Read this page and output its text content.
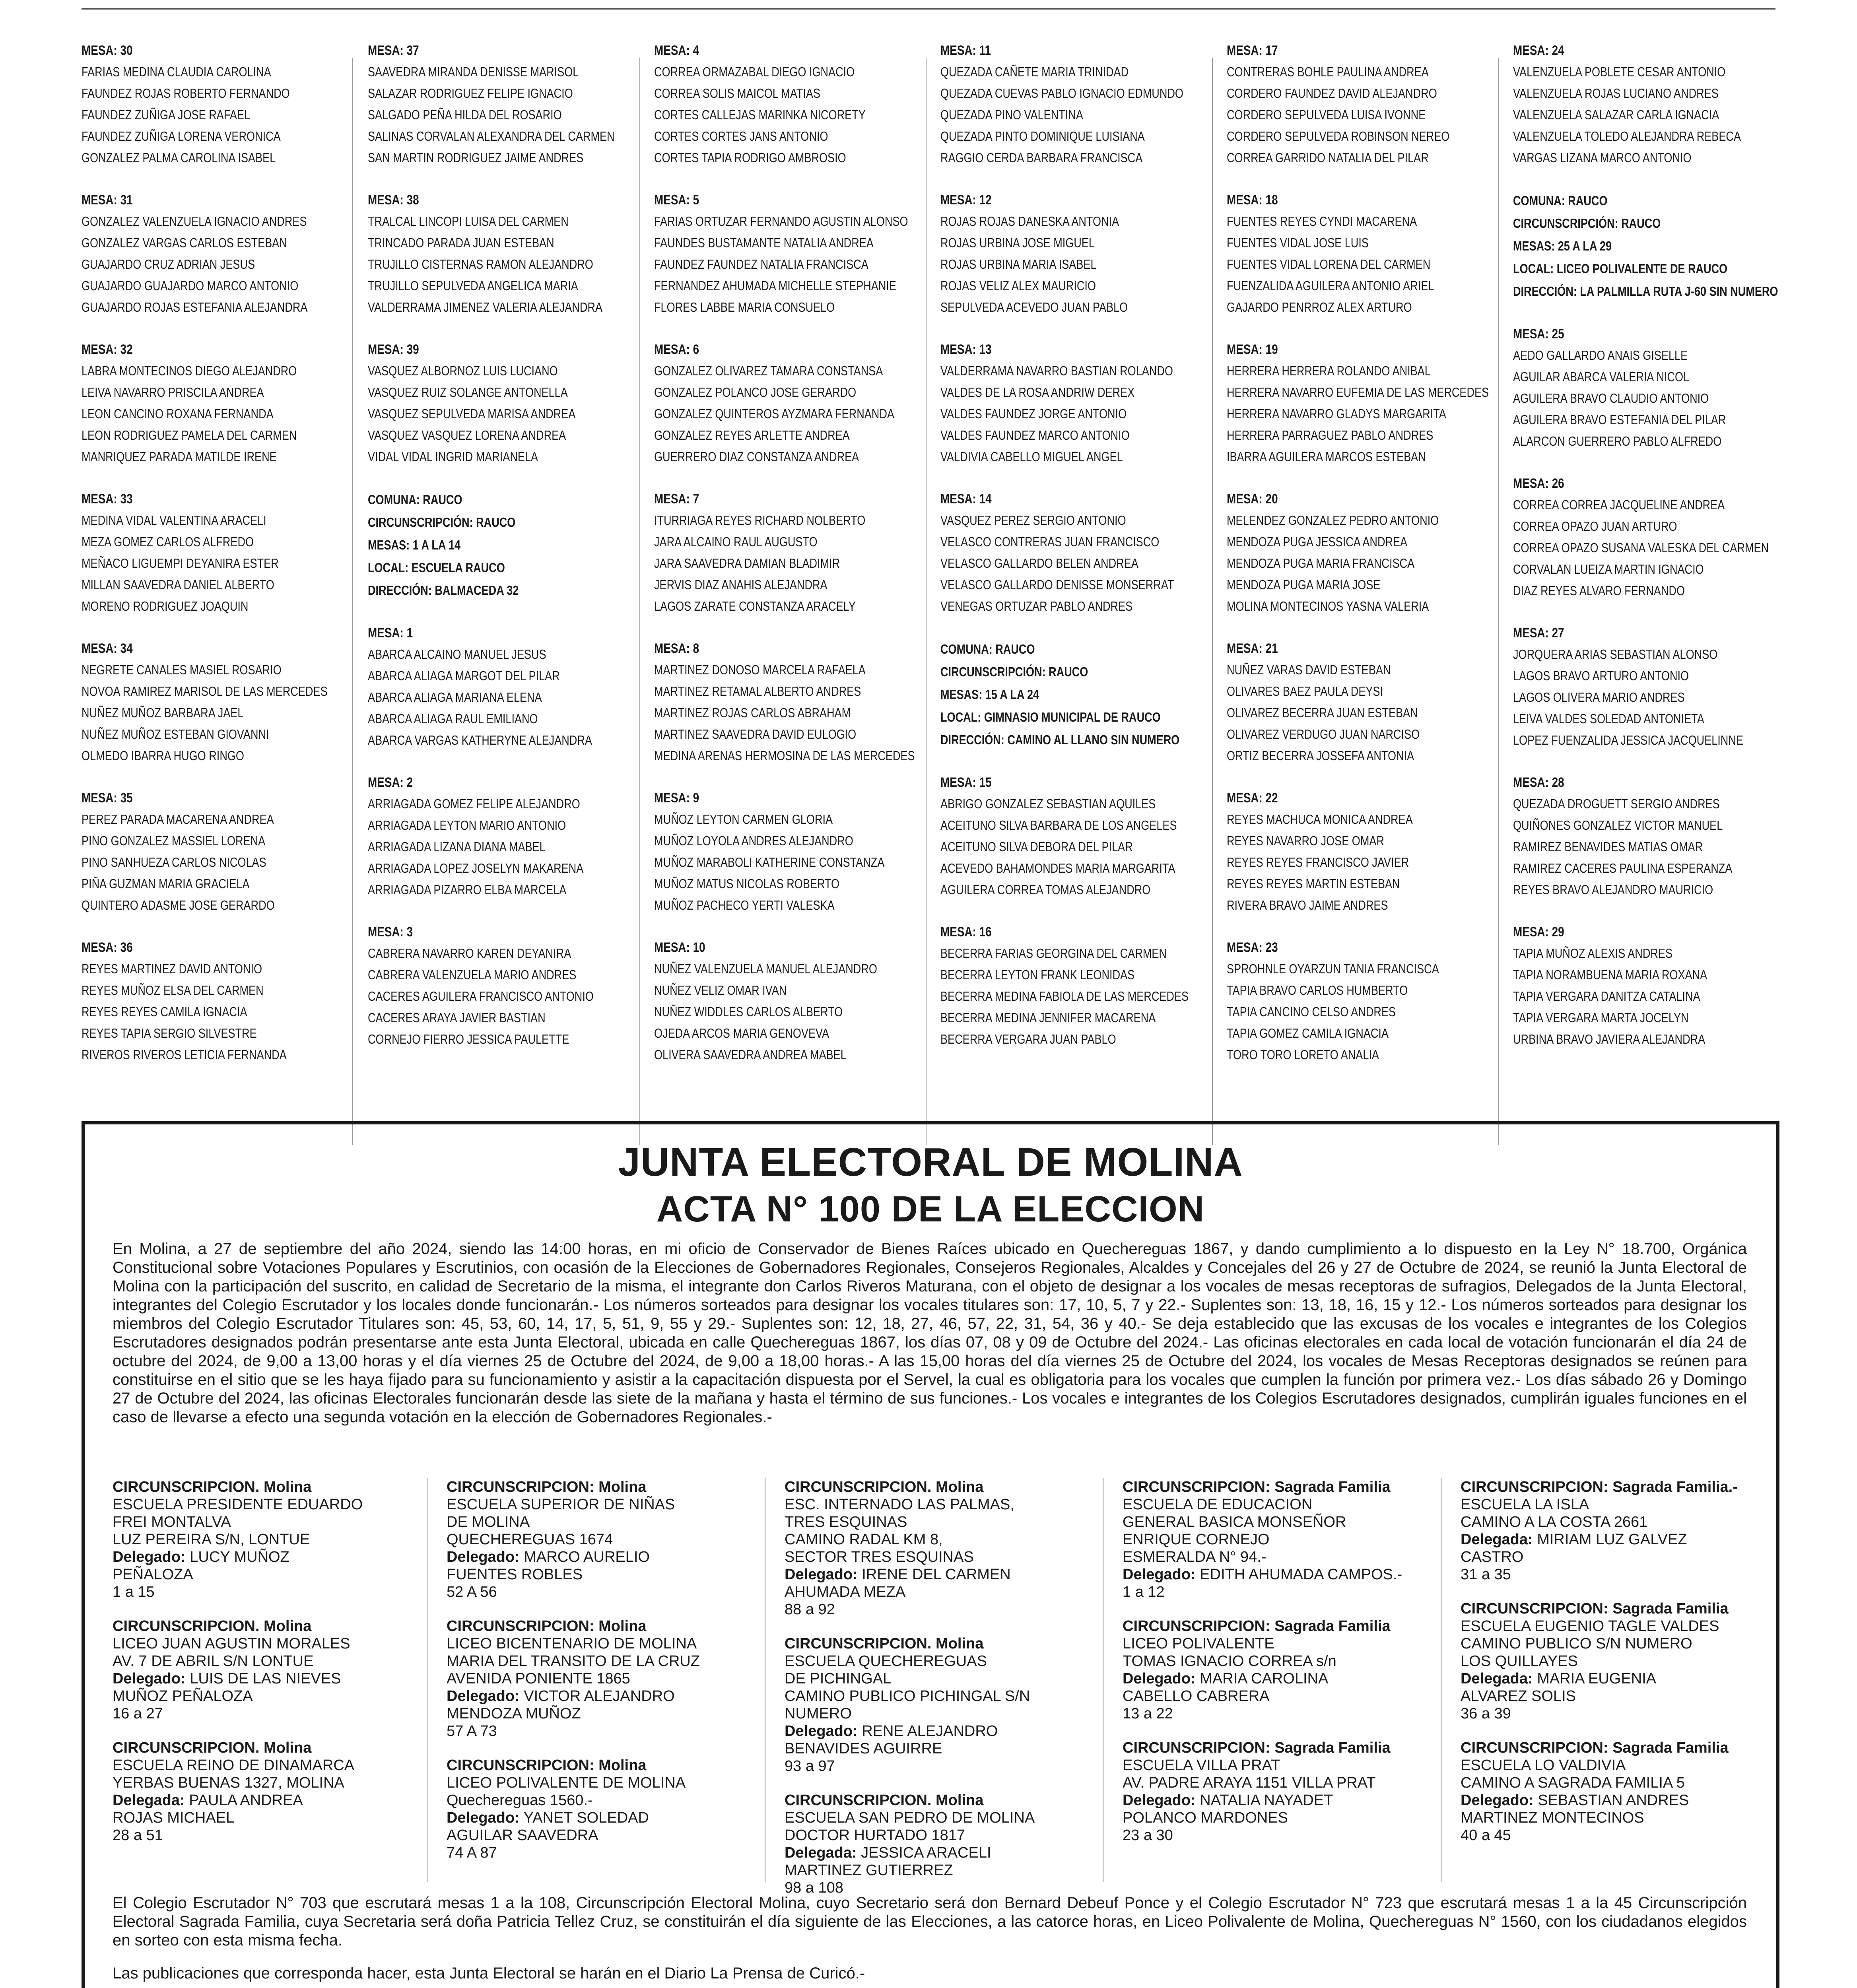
MESA: 30
FARIAS MEDINA CLAUDIA CAROLINA
FAUNDEZ ROJAS ROBERTO FERNANDO
FAUNDEZ ZUÑIGA JOSE RAFAEL
FAUNDEZ ZUÑIGA LORENA VERONICA
GONZALEZ PALMA CAROLINA ISABEL
MESA: 31
GONZALEZ VALENZUELA IGNACIO ANDRES
GONZALEZ VARGAS CARLOS ESTEBAN
GUAJARDO CRUZ ADRIAN JESUS
GUAJARDO GUAJARDO MARCO ANTONIO
GUAJARDO ROJAS ESTEFANIA ALEJANDRA
MESA: 32
LABRA MONTECINOS DIEGO ALEJANDRO
LEIVA NAVARRO PRISCILA ANDREA
LEON CANCINO ROXANA FERNANDA
LEON RODRIGUEZ PAMELA DEL CARMEN
MANRIQUEZ PARADA MATILDE IRENE
MESA: 33
MEDINA VIDAL VALENTINA ARACELI
MEZA GOMEZ CARLOS ALFREDO
MEÑACO LIGUEMPI DEYANIRA ESTER
MILLAN SAAVEDRA DANIEL ALBERTO
MORENO RODRIGUEZ JOAQUIN
MESA: 34
NEGRETE CANALES MASIEL ROSARIO
NOVOA RAMIREZ MARISOL DE LAS MERCEDES
NUÑEZ MUÑOZ BARBARA JAEL
NUÑEZ MUÑOZ ESTEBAN GIOVANNI
OLMEDO IBARRA HUGO RINGO
MESA: 35
PEREZ PARADA MACARENA ANDREA
PINO GONZALEZ MASSIEL LORENA
PINO SANHUEZA CARLOS NICOLAS
PIÑA GUZMAN MARIA GRACIELA
QUINTERO ADASME JOSE GERARDO
MESA: 36
REYES MARTINEZ DAVID ANTONIO
REYES MUÑOZ ELSA DEL CARMEN
REYES REYES CAMILA IGNACIA
REYES TAPIA SERGIO SILVESTRE
RIVEROS RIVEROS LETICIA FERNANDA
MESA: 37
SAAVEDRA MIRANDA DENISSE MARISOL
SALAZAR RODRIGUEZ FELIPE IGNACIO
SALGADO PEÑA HILDA DEL ROSARIO
SALINAS CORVALAN ALEXANDRA DEL CARMEN
SAN MARTIN RODRIGUEZ JAIME ANDRES
MESA: 38
TRALCAL LINCOPI LUISA DEL CARMEN
TRINCADO PARADA JUAN ESTEBAN
TRUJILLO CISTERNAS RAMON ALEJANDRO
TRUJILLO SEPULVEDA ANGELICA MARIA
VALDERRAMA JIMENEZ VALERIA ALEJANDRA
MESA: 39
VASQUEZ ALBORNOZ LUIS LUCIANO
VASQUEZ RUIZ SOLANGE ANTONELLA
VASQUEZ SEPULVEDA MARISA ANDREA
VASQUEZ VASQUEZ LORENA ANDREA
VIDAL VIDAL INGRID MARIANELA
COMUNA: RAUCO
CIRCUNSCRIPCIÓN: RAUCO
MESAS: 1 A LA 14
LOCAL: ESCUELA RAUCO
DIRECCIÓN: BALMACEDA 32
MESA: 1
ABARCA ALCAINO MANUEL JESUS
ABARCA ALIAGA MARGOT DEL PILAR
ABARCA ALIAGA MARIANA ELENA
ABARCA ALIAGA RAUL EMILIANO
ABARCA VARGAS KATHERYNE ALEJANDRA
MESA: 2
ARRIAGADA GOMEZ FELIPE ALEJANDRO
ARRIAGADA LEYTON MARIO ANTONIO
ARRIAGADA LIZANA DIANA MABEL
ARRIAGADA LOPEZ JOSELYN MAKARENA
ARRIAGADA PIZARRO ELBA MARCELA
MESA: 3
CABRERA NAVARRO KAREN DEYANIRA
CABRERA VALENZUELA MARIO ANDRES
CACERES AGUILERA FRANCISCO ANTONIO
CACERES ARAYA JAVIER BASTIAN
CORNEJO FIERRO JESSICA PAULETTE
MESA: 4
CORREA ORMAZABAL DIEGO IGNACIO
CORREA SOLIS MAICOL MATIAS
CORTES CALLEJAS MARINKA NICORETY
CORTES CORTES JANS ANTONIO
CORTES TAPIA RODRIGO AMBROSIO
MESA: 5
FARIAS ORTUZAR FERNANDO AGUSTIN ALONSO
FAUNDES BUSTAMANTE NATALIA ANDREA
FAUNDEZ FAUNDEZ NATALIA FRANCISCA
FERNANDEZ AHUMADA MICHELLE STEPHANIE
FLORES LABBE MARIA CONSUELO
MESA: 6
GONZALEZ OLIVAREZ TAMARA CONSTANSA
GONZALEZ POLANCO JOSE GERARDO
GONZALEZ QUINTEROS AYZMARA FERNANDA
GONZALEZ REYES ARLETTE ANDREA
GUERRERO DIAZ CONSTANZA ANDREA
MESA: 7
ITURRIAGA REYES RICHARD NOLBERTO
JARA ALCAINO RAUL AUGUSTO
JARA SAAVEDRA DAMIAN BLADIMIR
JERVIS DIAZ ANAHIS ALEJANDRA
LAGOS ZARATE CONSTANZA ARACELY
MESA: 8
MARTINEZ DONOSO MARCELA RAFAELA
MARTINEZ RETAMAL ALBERTO ANDRES
MARTINEZ ROJAS CARLOS ABRAHAM
MARTINEZ SAAVEDRA DAVID EULOGIO
MEDINA ARENAS HERMOSINA DE LAS MERCEDES
MESA: 9
MUÑOZ LEYTON CARMEN GLORIA
MUÑOZ LOYOLA ANDRES ALEJANDRO
MUÑOZ MARABOLI KATHERINE CONSTANZA
MUÑOZ MATUS NICOLAS ROBERTO
MUÑOZ PACHECO YERTI VALESKA
MESA: 10
NUÑEZ VALENZUELA MANUEL ALEJANDRO
NUÑEZ VELIZ OMAR IVAN
NUÑEZ WIDDLES CARLOS ALBERTO
OJEDA ARCOS MARIA GENOVEVA
OLIVERA SAAVEDRA ANDREA MABEL
MESA: 11
QUEZADA CAÑETE MARIA TRINIDAD
QUEZADA CUEVAS PABLO IGNACIO EDMUNDO
QUEZADA PINO VALENTINA
QUEZADA PINTO DOMINIQUE LUISIANA
RAGGIO CERDA BARBARA FRANCISCA
MESA: 12
ROJAS ROJAS DANESKA ANTONIA
ROJAS URBINA JOSE MIGUEL
ROJAS URBINA MARIA ISABEL
ROJAS VELIZ ALEX MAURICIO
SEPULVEDA ACEVEDO JUAN PABLO
MESA: 13
VALDERRAMA NAVARRO BASTIAN ROLANDO
VALDES DE LA ROSA ANDRIW DEREX
VALDES FAUNDEZ JORGE ANTONIO
VALDES FAUNDEZ MARCO ANTONIO
VALDIVIA CABELLO MIGUEL ANGEL
MESA: 14
VASQUEZ PEREZ SERGIO ANTONIO
VELASCO CONTRERAS JUAN FRANCISCO
VELASCO GALLARDO BELEN ANDREA
VELASCO GALLARDO DENISSE MONSERRAT
VENEGAS ORTUZAR PABLO ANDRES
COMUNA: RAUCO
CIRCUNSCRIPCIÓN: RAUCO
MESAS: 15 A LA 24
LOCAL: GIMNASIO MUNICIPAL DE RAUCO
DIRECCIÓN: CAMINO AL LLANO SIN NUMERO
MESA: 15
ABRIGO GONZALEZ SEBASTIAN AQUILES
ACEITUNO SILVA BARBARA DE LOS ANGELES
ACEITUNO SILVA DEBORA DEL PILAR
ACEVEDO BAHAMONDES MARIA MARGARITA
AGUILERA CORREA TOMAS ALEJANDRO
MESA: 16
BECERRA FARIAS GEORGINA DEL CARMEN
BECERRA LEYTON FRANK LEONIDAS
BECERRA MEDINA FABIOLA DE LAS MERCEDES
BECERRA MEDINA JENNIFER MACARENA
BECERRA VERGARA JUAN PABLO
MESA: 17
CONTRERAS BOHLE PAULINA ANDREA
CORDERO FAUNDEZ DAVID ALEJANDRO
CORDERO SEPULVEDA LUISA IVONNE
CORDERO SEPULVEDA ROBINSON NEREO
CORREA GARRIDO NATALIA DEL PILAR
MESA: 18
FUENTES REYES CYNDI MACARENA
FUENTES VIDAL JOSE LUIS
FUENTES VIDAL LORENA DEL CARMEN
FUENZALIDA AGUILERA ANTONIO ARIEL
GAJARDO PENRROZ ALEX ARTURO
MESA: 19
HERRERA HERRERA ROLANDO ANIBAL
HERRERA NAVARRO EUFEMIA DE LAS MERCEDES
HERRERA NAVARRO GLADYS MARGARITA
HERRERA PARRAGUEZ PABLO ANDRES
IBARRA AGUILERA MARCOS ESTEBAN
MESA: 20
MELENDEZ GONZALEZ PEDRO ANTONIO
MENDOZA PUGA JESSICA ANDREA
MENDOZA PUGA MARIA FRANCISCA
MENDOZA PUGA MARIA JOSE
MOLINA MONTECINOS YASNA VALERIA
MESA: 21
NUÑEZ VARAS DAVID ESTEBAN
OLIVARES BAEZ PAULA DEYSI
OLIVAREZ BECERRA JUAN ESTEBAN
OLIVAREZ VERDUGO JUAN NARCISO
ORTIZ BECERRA JOSSEFA ANTONIA
MESA: 22
REYES MACHUCA MONICA ANDREA
REYES NAVARRO JOSE OMAR
REYES REYES FRANCISCO JAVIER
REYES REYES MARTIN ESTEBAN
RIVERA BRAVO JAIME ANDRES
MESA: 23
SPROHNLE OYARZUN TANIA FRANCISCA
TAPIA BRAVO CARLOS HUMBERTO
TAPIA CANCINO CELSO ANDRES
TAPIA GOMEZ CAMILA IGNACIA
TORO TORO LORETO ANALIA
MESA: 24
VALENZUELA POBLETE CESAR ANTONIO
VALENZUELA ROJAS LUCIANO ANDRES
VALENZUELA SALAZAR CARLA IGNACIA
VALENZUELA TOLEDO ALEJANDRA REBECA
VARGAS LIZANA MARCO ANTONIO
COMUNA: RAUCO
CIRCUNSCRIPCIÓN: RAUCO
MESAS: 25 A LA 29
LOCAL: LICEO POLIVALENTE DE RAUCO
DIRECCIÓN: LA PALMILLA RUTA J-60 SIN NUMERO
MESA: 25
AEDO GALLARDO ANAIS GISELLE
AGUILAR ABARCA VALERIA NICOL
AGUILERA BRAVO CLAUDIO ANTONIO
AGUILERA BRAVO ESTEFANIA DEL PILAR
ALARCON GUERRERO PABLO ALFREDO
MESA: 26
CORREA CORREA JACQUELINE ANDREA
CORREA OPAZO JUAN ARTURO
CORREA OPAZO SUSANA VALESKA DEL CARMEN
CORVALAN LUEIZA MARTIN IGNACIO
DIAZ REYES ALVARO FERNANDO
MESA: 27
JORQUERA ARIAS SEBASTIAN ALONSO
LAGOS BRAVO ARTURO ANTONIO
LAGOS OLIVERA MARIO ANDRES
LEIVA VALDES SOLEDAD ANTONIETA
LOPEZ FUENZALIDA JESSICA JACQUELINNE
MESA: 28
QUEZADA DROGUETT SERGIO ANDRES
QUIÑONES GONZALEZ VICTOR MANUEL
RAMIREZ BENAVIDES MATIAS OMAR
RAMIREZ CACERES PAULINA ESPERANZA
REYES BRAVO ALEJANDRO MAURICIO
MESA: 29
TAPIA MUÑOZ ALEXIS ANDRES
TAPIA NORAMBUENA MARIA ROXANA
TAPIA VERGARA DANITZA CATALINA
TAPIA VERGARA MARTA JOCELYN
URBINA BRAVO JAVIERA ALEJANDRA
JUNTA ELECTORAL DE MOLINA
ACTA N° 100 DE LA ELECCION
En Molina, a 27 de septiembre del año 2024, siendo las 14:00 horas, en mi oficio de Conservador de Bienes Raíces ubicado en Quechereguas 1867, y dando cumplimiento a lo dispuesto en la Ley N° 18.700, Orgánica Constitucional sobre Votaciones Populares y Escrutinios, con ocasión de la Elecciones de Gobernadores Regionales, Consejeros Regionales, Alcaldes y Concejales del 26 y 27 de Octubre de 2024, se reunió la Junta Electoral de Molina con la participación del suscrito, en calidad de Secretario de la misma, el integrante don Carlos Riveros Maturana, con el objeto de designar a los vocales de mesas receptoras de sufragios, Delegados de la Junta Electoral, integrantes del Colegio Escrutador y los locales donde funcionarán.- Los números sorteados para designar los vocales titulares son: 17, 10, 5, 7 y 22.- Suplentes son: 13, 18, 16, 15 y 12.- Los números sorteados para designar los miembros del Colegio Escrutador Titulares son: 45, 53, 60, 14, 17, 5, 51, 9, 55 y 29.- Suplentes son: 12, 18, 27, 46, 57, 22, 31, 54, 36 y 40.- Se deja establecido que las excusas de los vocales e integrantes de los Colegios Escrutadores designados podrán presentarse ante esta Junta Electoral, ubicada en calle Quechereguas 1867, los días 07, 08 y 09 de Octubre del 2024.- Las oficinas electorales en cada local de votación funcionarán el día 24 de octubre del 2024, de 9,00 a 13,00 horas y el día viernes 25 de Octubre del 2024, de 9,00 a 18,00 horas.- A las 15,00 horas del día viernes 25 de Octubre del 2024, los vocales de Mesas Receptoras designados se reúnen para constituirse en el sitio que se les haya fijado para su funcionamiento y asistir a la capacitación dispuesta por el Servel, la cual es obligatoria para los vocales que cumplen la función por primera vez.- Los días sábado 26 y Domingo 27 de Octubre del 2024, las oficinas Electorales funcionarán desde las siete de la mañana y hasta el término de sus funciones.- Los vocales e integrantes de los Colegios Escrutadores designados, cumplirán iguales funciones en el caso de llevarse a efecto una segunda votación en la elección de Gobernadores Regionales.-
CIRCUNSCRIPCION. Molina
ESCUELA PRESIDENTE EDUARDO
FREI MONTALVA
LUZ PEREIRA S/N, LONTUE
Delegado: LUCY MUÑOZ
PEÑALOZA
1 a 15
CIRCUNSCRIPCION. Molina
LICEO JUAN AGUSTIN MORALES
AV. 7 DE ABRIL S/N LONTUE
Delegado: LUIS DE LAS NIEVES
MUÑOZ PEÑALOZA
16 a 27
CIRCUNSCRIPCION. Molina
ESCUELA REINO DE DINAMARCA
YERBAS BUENAS 1327, MOLINA
Delegada: PAULA ANDREA
ROJAS MICHAEL
28 a 51
CIRCUNSCRIPCION: Molina
ESCUELA SUPERIOR DE NIÑAS
DE MOLINA
QUECHEREGUAS 1674
Delegado: MARCO AURELIO
FUENTES ROBLES
52 A 56
CIRCUNSCRIPCION: Molina
LICEO BICENTENARIO DE MOLINA
MARIA DEL TRANSITO DE LA CRUZ
AVENIDA PONIENTE 1865
Delegado: VICTOR ALEJANDRO
MENDOZA MUÑOZ
57 A 73
CIRCUNSCRIPCION: Molina
LICEO POLIVALENTE DE MOLINA
Quechereguas 1560.-
Delegado: YANET SOLEDAD
AGUILAR SAAVEDRA
74 A 87
CIRCUNSCRIPCION. Molina
ESC. INTERNADO LAS PALMAS,
TRES ESQUINAS
CAMINO RADAL KM 8,
SECTOR TRES ESQUINAS
Delegado: IRENE DEL CARMEN
AHUMADA MEZA
88 a 92
CIRCUNSCRIPCION. Molina
ESCUELA QUECHEREGUAS
DE PICHINGAL
CAMINO PUBLICO PICHINGAL S/N
NUMERO
Delegado: RENE ALEJANDRO
BENAVIDES AGUIRRE
93 a 97
CIRCUNSCRIPCION. Molina
ESCUELA SAN PEDRO DE MOLINA
DOCTOR HURTADO 1817
Delegada: JESSICA ARACELI
MARTINEZ GUTIERREZ
98 a 108
CIRCUNSCRIPCION: Sagrada Familia
ESCUELA DE EDUCACION
GENERAL BASICA MONSEÑOR
ENRIQUE CORNEJO
ESMERALDA N° 94.-
Delegado: EDITH AHUMADA CAMPOS.-
1 a 12
CIRCUNSCRIPCION: Sagrada Familia
LICEO POLIVALENTE
TOMAS IGNACIO CORREA s/n
Delegado: MARIA CAROLINA
CABELLO CABRERA
13 a 22
CIRCUNSCRIPCION: Sagrada Familia
ESCUELA VILLA PRAT
AV. PADRE ARAYA 1151 VILLA PRAT
Delegado: NATALIA NAYADET
POLANCO MARDONES
23 a 30
CIRCUNSCRIPCION: Sagrada Familia.-
ESCUELA LA ISLA
CAMINO A LA COSTA 2661
Delegada: MIRIAM LUZ GALVEZ
CASTRO
31 a 35
CIRCUNSCRIPCION: Sagrada Familia
ESCUELA EUGENIO TAGLE VALDES
CAMINO PUBLICO S/N NUMERO
LOS QUILLAYES
Delegada: MARIA EUGENIA
ALVAREZ SOLIS
36 a 39
CIRCUNSCRIPCION: Sagrada Familia
ESCUELA LO VALDIVIA
CAMINO A SAGRADA FAMILIA 5
Delegado: SEBASTIAN ANDRES
MARTINEZ MONTECINOS
40 a 45
El Colegio Escrutador N° 703 que escrutará mesas 1 a la 108, Circunscripción Electoral Molina, cuyo Secretario será don Bernard Debeuf Ponce y el Colegio Escrutador N° 723 que escrutará mesas 1 a la 45 Circunscripción Electoral Sagrada Familia, cuya Secretaria será doña Patricia Tellez Cruz, se constituirán el día siguiente de las Elecciones, a las catorce horas, en Liceo Polivalente de Molina, Quechereguas N° 1560, con los ciudadanos elegidos en sorteo con esta misma fecha.
Las publicaciones que corresponda hacer, esta Junta Electoral se harán en el Diario La Prensa de Curicó.-
